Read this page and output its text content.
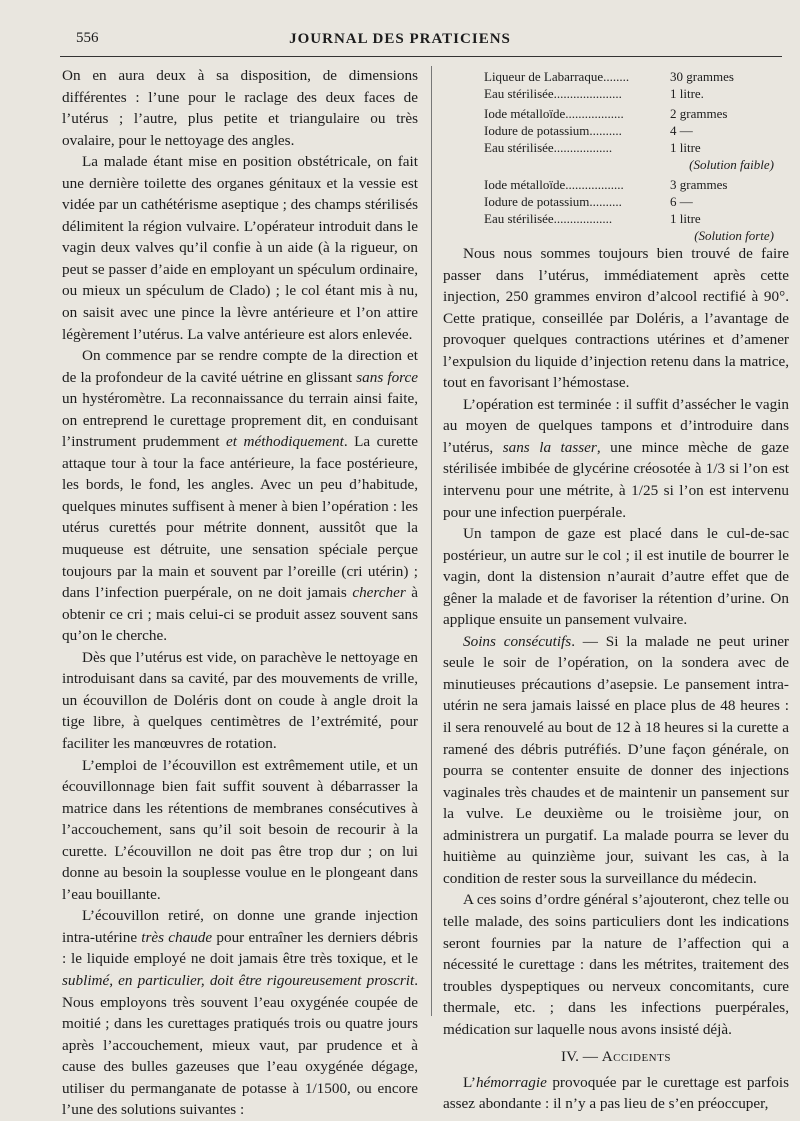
556	JOURNAL DES PRATICIENS

On en aura deux à sa disposition, de dimensions différentes : l’une pour le raclage des deux faces de l’utérus ; l’autre, plus petite et triangulaire ou très ovalaire, pour le nettoyage des angles.

La malade étant mise en position obstétricale, on fait une dernière toilette des organes génitaux et la vessie est vidée par un cathétérisme aseptique ; des champs stérilisés délimitent la région vulvaire. L’opérateur introduit dans le vagin deux valves qu’il confie à un aide (à la rigueur, on peut se passer d’aide en employant un spéculum ordinaire, ou mieux un spéculum de Clado) ; le col étant mis à nu, on saisit avec une pince la lèvre antérieure et l’on attire légèrement l’utérus. La valve antérieure est alors enlevée.

On commence par se rendre compte de la direction et de la profondeur de la cavité uétrine en glissant sans force un hystéromètre. La reconnaissance du terrain ainsi faite, on entreprend le curettage proprement dit, en conduisant l’instrument prudemment et méthodiquement. La curette attaque tour à tour la face antérieure, la face postérieure, les bords, le fond, les angles. Avec un peu d’habitude, quelques minutes suffisent à mener à bien l’opération : les utérus curettés pour métrite donnent, aussitôt que la muqueuse est détruite, une sensation spéciale perçue toujours par la main et souvent par l’oreille (cri utérin) ; dans l’infection puerpérale, on ne doit jamais chercher à obtenir ce cri ; mais celui-ci se produit assez souvent sans qu’on le cherche.

Dès que l’utérus est vide, on parachève le nettoyage en introduisant dans sa cavité, par des mouvements de vrille, un écouvillon de Doléris dont on coude à angle droit la tige libre, à quelques centimètres de l’extrémité, pour faciliter les manœuvres de rotation.

L’emploi de l’écouvillon est extrêmement utile, et un écouvillonnage bien fait suffit souvent à débarrasser la matrice dans les rétentions de membranes consécutives à l’accouchement, sans qu’il soit besoin de recourir à la curette. L’écouvillon ne doit pas être trop dur ; on lui donne au besoin la souplesse voulue en le plongeant dans l’eau bouillante.

L’écouvillon retiré, on donne une grande injection intra-utérine très chaude pour entraîner les derniers débris : le liquide employé ne doit jamais être très toxique, et le sublimé, en particulier, doit être rigoureusement proscrit. Nous employons très souvent l’eau oxygénée coupée de moitié ; dans les curettages pratiqués trois ou quatre jours après l’accouchement, mieux vaut, par prudence et à cause des bulles gazeuses que l’eau oxygénée dégage, utiliser du permanganate de potasse à 1/1500, ou encore l’une des solutions suivantes :

Liqueur de Labarraque........	30 grammes
Eau stérilisée.....................	1 litre.
Iode métalloïde..................	2 grammes
Iodure de potassium..........	4 —
Eau stérilisée..................	1 litre
(Solution faible)
Iode métalloïde..................	3 grammes
Iodure de potassium..........	6 —
Eau stérilisée..................	1 litre
(Solution forte)

Nous nous sommes toujours bien trouvé de faire passer dans l’utérus, immédiatement après cette injection, 250 grammes environ d’alcool rectifié à 90°. Cette pratique, conseillée par Doléris, a l’avantage de provoquer quelques contractions utérines et d’amener l’expulsion du liquide d’injection retenu dans la matrice, tout en favorisant l’hémostase.

L’opération est terminée : il suffit d’assécher le vagin au moyen de quelques tampons et d’introduire dans l’utérus, sans la tasser, une mince mèche de gaze stérilisée imbibée de glycérine créosotée à 1/3 si l’on est intervenu pour une métrite, à 1/25 si l’on est intervenu pour une infection puerpérale.

Un tampon de gaze est placé dans le cul-de-sac postérieur, un autre sur le col ; il est inutile de bourrer le vagin, dont la distension n’aurait d’autre effet que de gêner la malade et de favoriser la rétention d’urine. On applique ensuite un pansement vulvaire.

Soins consécutifs. — Si la malade ne peut uriner seule le soir de l’opération, on la sondera avec de minutieuses précautions d’asepsie. Le pansement intra-utérin ne sera jamais laissé en place plus de 48 heures : il sera renouvelé au bout de 12 à 18 heures si la curette a ramené des débris putréfiés. D’une façon générale, on pourra se contenter ensuite de donner des injections vaginales très chaudes et de maintenir un pansement sur la vulve. Le deuxième ou le troisième jour, on administrera un purgatif. La malade pourra se lever du huitième au quinzième jour, suivant les cas, à la condition de rester sous la surveillance du médecin.

A ces soins d’ordre général s’ajouteront, chez telle ou telle malade, des soins particuliers dont les indications seront fournies par la nature de l’affection qui a nécessité le curettage : dans les métrites, traitement des troubles dyspeptiques ou nerveux concomitants, cure thermale, etc. ; dans les infections puerpérales, médication sur laquelle nous avons insisté déjà.

IV. — Accidents

L’hémorragie provoquée par le curettage est parfois assez abondante : il n’y a pas lieu de s’en préoccuper,
